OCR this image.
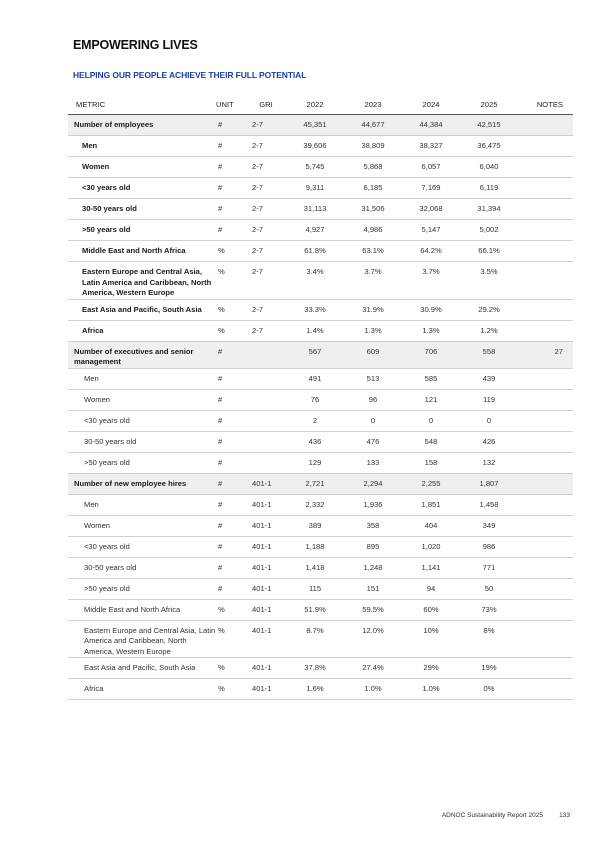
EMPOWERING LIVES
HELPING OUR PEOPLE ACHIEVE THEIR FULL POTENTIAL
METRIC	UNIT	GRI	2022	2023	2024	2025	NOTES
Number of employees	#	2-7	45,351	44,677	44,384	42,515	
Men	#	2-7	39,606	38,809	38,327	36,475	
Women	#	2-7	5,745	5,868	6,057	6,040	
<30 years old	#	2-7	9,311	6,185	7,169	6,119	
30-50 years old	#	2-7	31,113	31,506	32,068	31,394	
>50 years old	#	2-7	4,927	4,986	5,147	5,002	
Middle East and North Africa	%	2-7	61.8%	63.1%	64.2%	66.1%	
Eastern Europe and Central Asia, Latin America and Caribbean, North America, Western Europe	%	2-7	3.4%	3.7%	3.7%	3.5%	
East Asia and Pacific, South Asia	%	2-7	33.3%	31.9%	30.9%	29.2%	
Africa	%	2-7	1.4%	1.3%	1.3%	1.2%	
Number of executives and senior management	#		567	609	706	558	27
Men	#		491	513	585	439	
Women	#		76	96	121	119	
<30 years old	#		2	0	0	0	
30-50 years old	#		436	476	548	426	
>50 years old	#		129	133	158	132	
Number of new employee hires	#	401-1	2,721	2,294	2,255	1,807	
Men	#	401-1	2,332	1,936	1,851	1,458	
Women	#	401-1	389	358	404	349	
<30 years old	#	401-1	1,188	895	1,020	986	
30-50 years old	#	401-1	1,418	1,248	1,141	771	
>50 years old	#	401-1	115	151	94	50	
Middle East and North Africa	%	401-1	51.9%	59.5%	60%	73%	
Eastern Europe and Central Asia, Latin America and Caribbean, North America, Western Europe	%	401-1	8.7%	12.0%	10%	8%	
East Asia and Pacific, South Asia	%	401-1	37.8%	27.4%	29%	19%	
Africa	%	401-1	1.6%	1.0%	1.0%	0%	
ADNOC Sustainability Report 2025 133
